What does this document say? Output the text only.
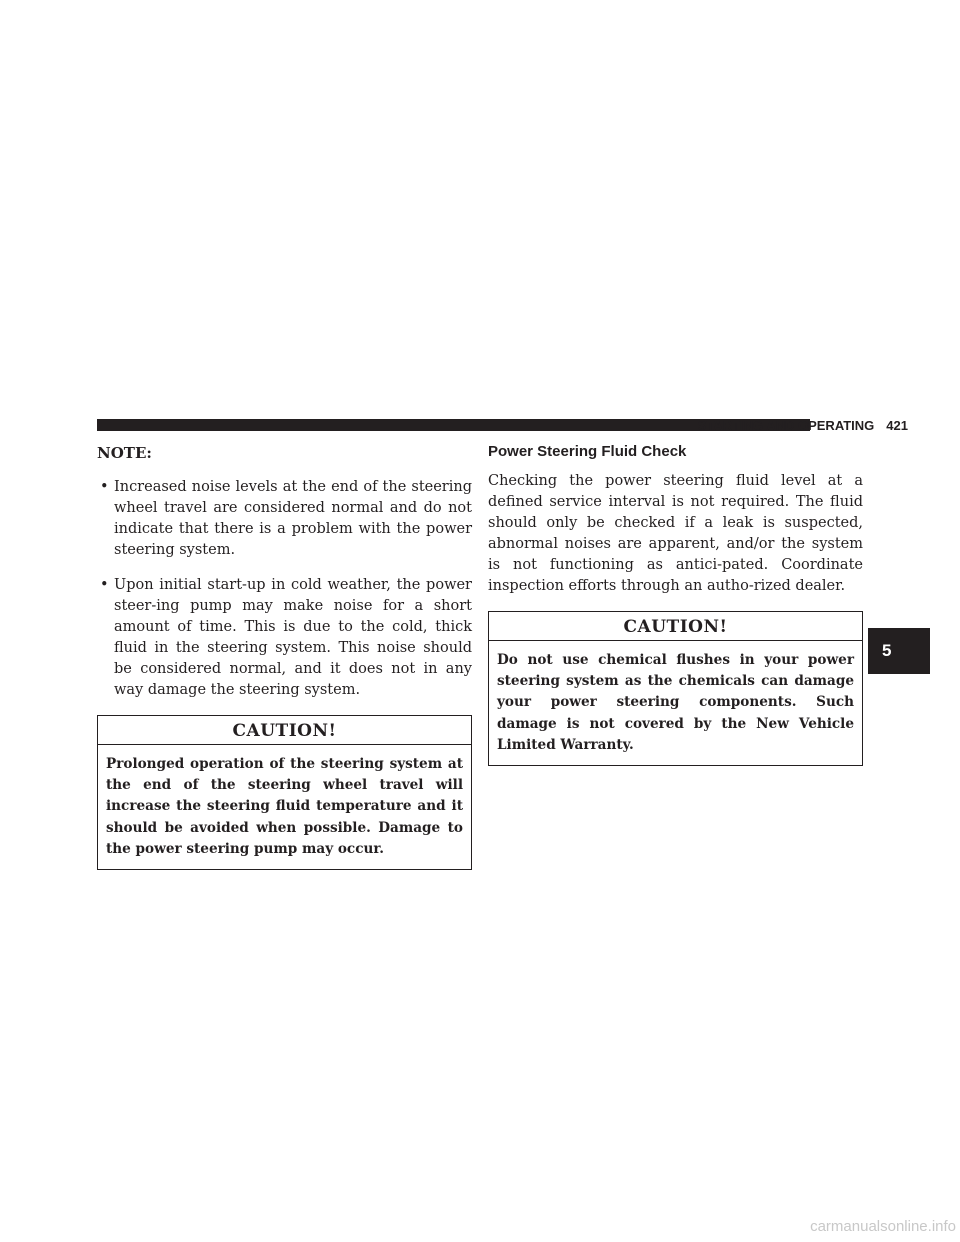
STARTING AND OPERATING 421
5
NOTE:
• Increased noise levels at the end of the steering wheel travel are considered normal and do not indicate that there is a problem with the power steering system.
• Upon initial start-up in cold weather, the power steer-ing pump may make noise for a short amount of time. This is due to the cold, thick fluid in the steering system. This noise should be considered normal, and it does not in any way damage the steering system.
CAUTION!
Prolonged operation of the steering system at the end of the steering wheel travel will increase the steering fluid temperature and it should be avoided when possible. Damage to the power steering pump may occur.
Power Steering Fluid Check

Checking the power steering fluid level at a defined service interval is not required. The fluid should only be checked if a leak is suspected, abnormal noises are apparent, and/or the system is not functioning as antici-pated. Coordinate inspection efforts through an autho-rized dealer.

CAUTION!
Do not use chemical flushes in your power steering system as the chemicals can damage your power steering components. Such damage is not covered by the New Vehicle Limited Warranty.
carmanualsonline.info
